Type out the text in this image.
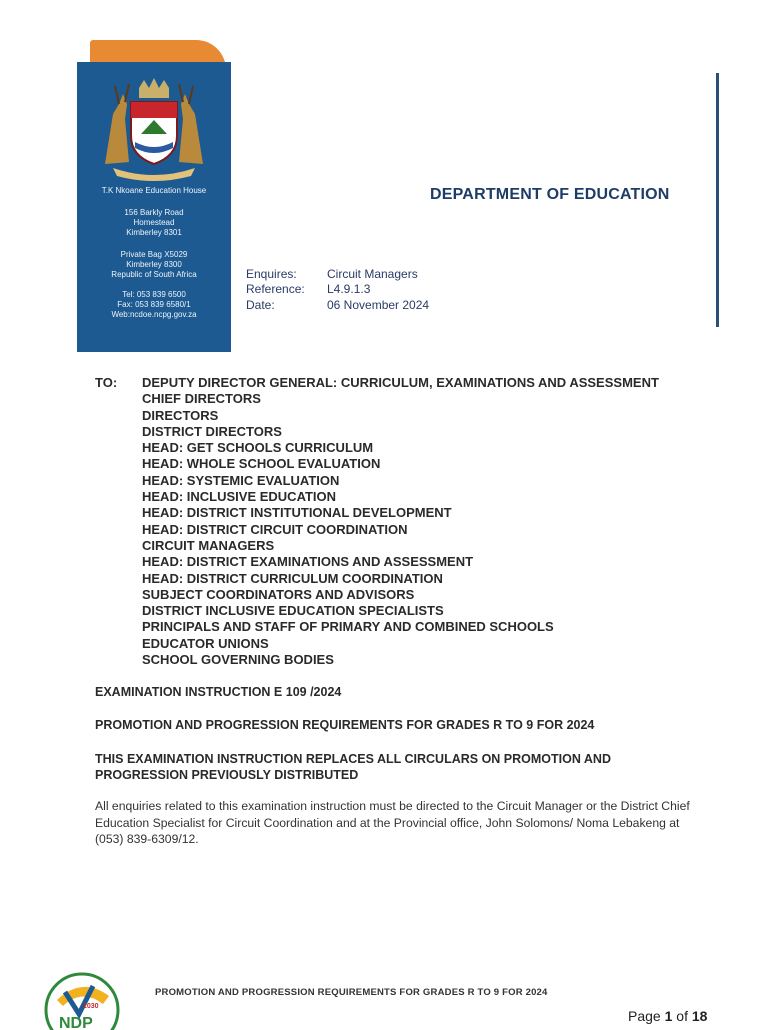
T.K Nkoane Education House
156 Barkly Road
Homestead
Kimberley 8301
Private Bag X5029
Kimberley 8300
Republic of South Africa
Tel: 053 839 6500
Fax: 053 839 6580/1
Web:ncdoe.ncpg.gov.za
DEPARTMENT OF EDUCATION
Enquires:	Circuit Managers
Reference: L4.9.1.3
Date:	06 November 2024
TO: DEPUTY DIRECTOR GENERAL: CURRICULUM, EXAMINATIONS AND ASSESSMENT
CHIEF DIRECTORS
DIRECTORS
DISTRICT DIRECTORS
HEAD: GET SCHOOLS CURRICULUM
HEAD: WHOLE SCHOOL EVALUATION
HEAD: SYSTEMIC EVALUATION
HEAD: INCLUSIVE EDUCATION
HEAD: DISTRICT INSTITUTIONAL DEVELOPMENT
HEAD: DISTRICT CIRCUIT COORDINATION
CIRCUIT MANAGERS
HEAD: DISTRICT EXAMINATIONS AND ASSESSMENT
HEAD: DISTRICT CURRICULUM COORDINATION
SUBJECT COORDINATORS AND ADVISORS
DISTRICT INCLUSIVE EDUCATION SPECIALISTS
PRINCIPALS AND STAFF OF PRIMARY AND COMBINED SCHOOLS
EDUCATOR UNIONS
SCHOOL GOVERNING BODIES
EXAMINATION INSTRUCTION E 109 /2024
PROMOTION AND PROGRESSION REQUIREMENTS FOR GRADES R TO 9 FOR 2024
THIS EXAMINATION INSTRUCTION REPLACES ALL CIRCULARS ON PROMOTION AND
PROGRESSION PREVIOUSLY DISTRIBUTED
All enquiries related to this examination instruction must be directed to the Circuit Manager or the District Chief Education Specialist for Circuit Coordination and at the Provincial office, John Solomons/ Noma Lebakeng at (053) 839-6309/12.
2030
NDP
PROMOTION AND PROGRESSION REQUIREMENTS FOR GRADES R TO 9 FOR 2024
Page 1 of 18
